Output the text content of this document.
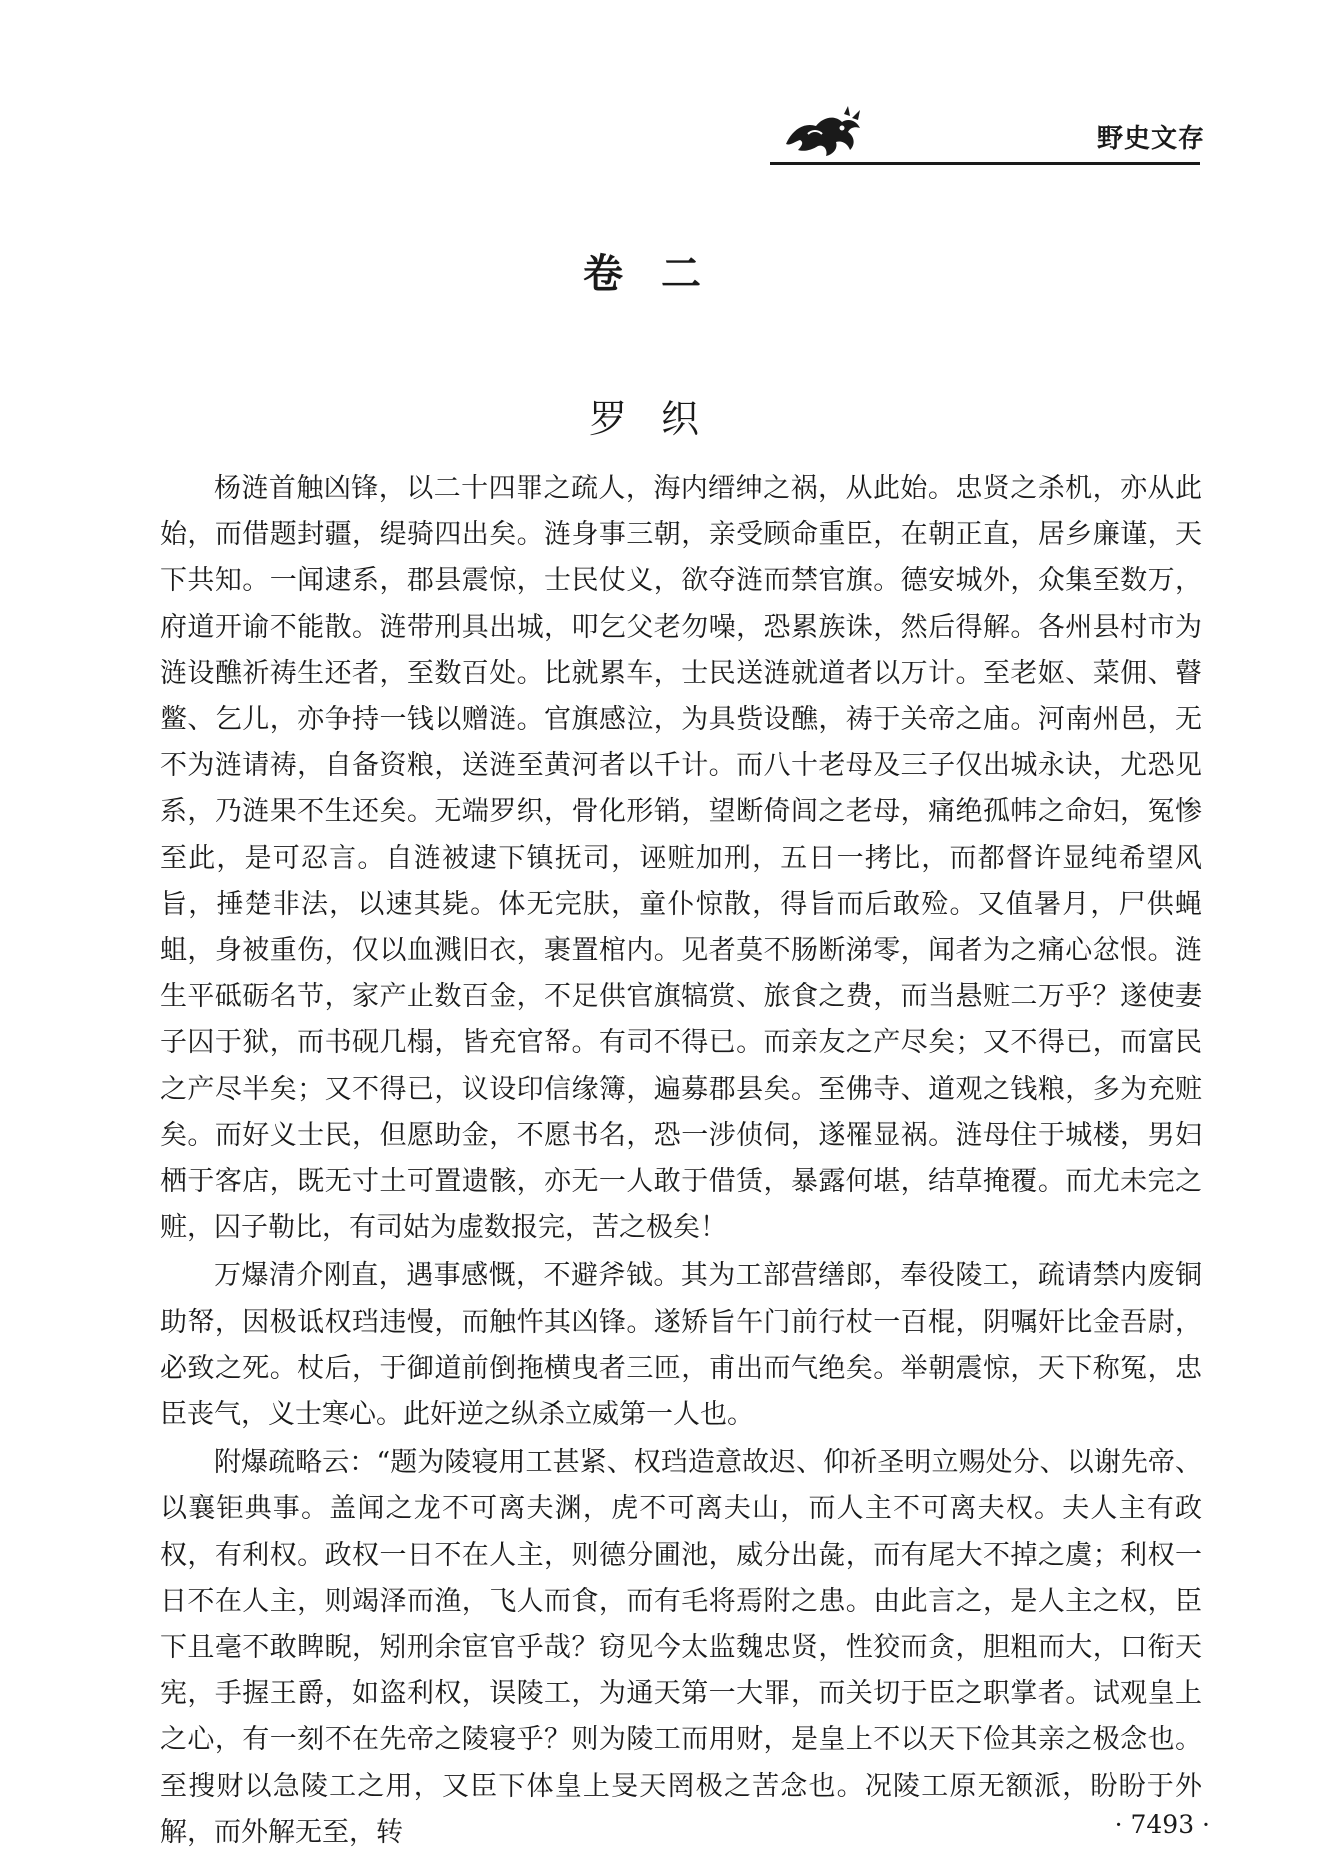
野史文存
卷二
罗织

杨涟首触凶锋，以二十四罪之疏人，海内缙绅之祸，从此始。忠贤之杀机，亦从此始，而借题封疆，缇骑四出矣。涟身事三朝，亲受顾命重臣，在朝正直，居乡廉谨，天下共知。一闻逮系，郡县震惊，士民仗义，欲夺涟而禁官旗。德安城外，众集至数万，府道开谕不能散。涟带刑具出城，叩乞父老勿噪，恐累族诛，然后得解。各州县村市为涟设醮祈祷生还者，至数百处。比就累车，士民送涟就道者以万计。至老妪、菜佣、瞽鳖、乞儿，亦争持一钱以赠涟。官旗感泣，为具赀设醮，祷于关帝之庙。河南州邑，无不为涟请祷，自备资粮，送涟至黄河者以千计。而八十老母及三子仅出城永诀，尤恐见系，乃涟果不生还矣。无端罗织，骨化形销，望断倚闾之老母，痛绝孤帏之命妇，冤惨至此，是可忍言。自涟被逮下镇抚司，诬赃加刑，五日一拷比，而都督许显纯希望风旨，捶楚非法，以速其毙。体无完肤，童仆惊散，得旨而后敢殓。又值暑月，尸供蝇蛆，身被重伤，仅以血溅旧衣，裹置棺内。见者莫不肠断涕零，闻者为之痛心忿恨。涟生平砥砺名节，家产止数百金，不足供官旗犒赏、旅食之费，而当悬赃二万乎？遂使妻子囚于狱，而书砚几榻，皆充官帑。有司不得已。而亲友之产尽矣；又不得已，而富民之产尽半矣；又不得已，议设印信缘簿，遍募郡县矣。至佛寺、道观之钱粮，多为充赃矣。而好义士民，但愿助金，不愿书名，恐一涉侦伺，遂罹显祸。涟母住于城楼，男妇栖于客店，既无寸土可置遗骸，亦无一人敢于借赁，暴露何堪，结草掩覆。而尤未完之赃，囚子勒比，有司姑为虚数报完，苦之极矣！

万爆清介刚直，遇事感慨，不避斧钺。其为工部营缮郎，奉役陵工，疏请禁内废铜助帑，因极诋权珰违慢，而触忤其凶锋。遂矫旨午门前行杖一百棍，阴嘱奸比金吾尉，必致之死。杖后，于御道前倒拖横曳者三匝，甫出而气绝矣。举朝震惊，天下称冤，忠臣丧气，义士寒心。此奸逆之纵杀立威第一人也。

附爆疏略云：“题为陵寝用工甚紧、权珰造意故迟、仰祈圣明立赐处分、以谢先帝、以襄钜典事。盖闻之龙不可离夫渊，虎不可离夫山，而人主不可离夫权。夫人主有政权，有利权。政权一日不在人主，则德分圃池，威分出彘，而有尾大不掉之虞；利权一日不在人主，则竭泽而渔，飞人而食，而有毛将焉附之患。由此言之，是人主之权，臣下且毫不敢睥睨，矧刑余宦官乎哉？窃见今太监魏忠贤，性狡而贪，胆粗而大，口衔天宪，手握王爵，如盗利权，误陵工，为通天第一大罪，而关切于臣之职掌者。试观皇上之心，有一刻不在先帝之陵寝乎？则为陵工而用财，是皇上不以天下俭其亲之极念也。至搜财以急陵工之用，又臣下体皇上旻天罔极之苦念也。况陵工原无额派，盼盼于外解，而外解无至，转	· 7493 ·
